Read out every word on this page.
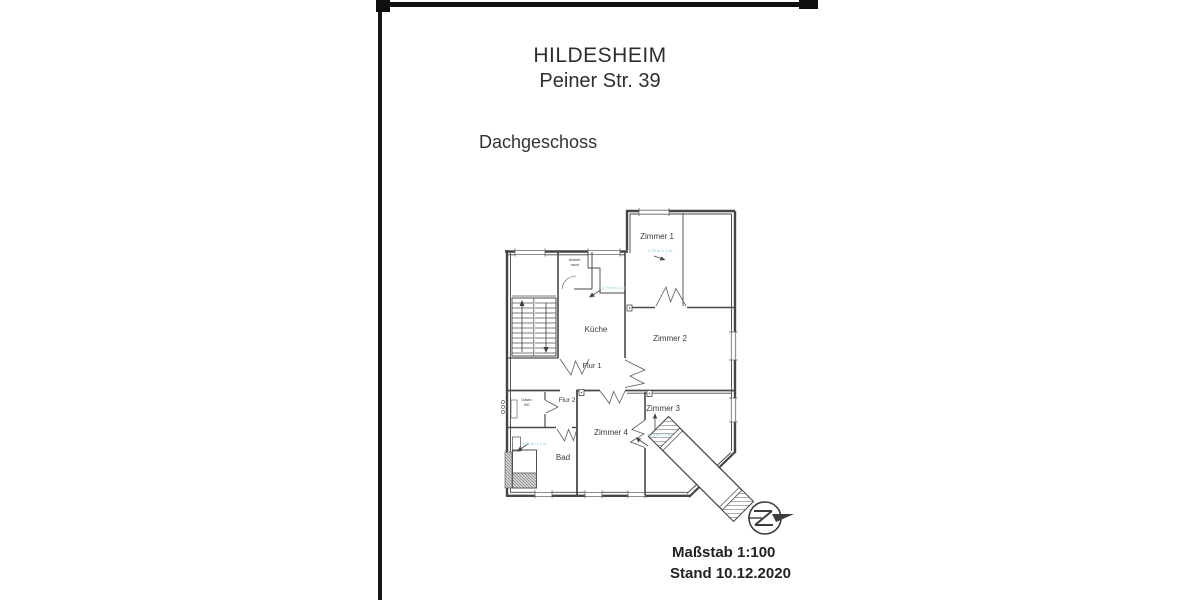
HILDESHEIM
Peiner Str. 39
Dachgeschoss
Zimmer 1
Zimmer 2
Zimmer 3
Zimmer 4
Küche
Flur 1
Flur 2
Bad
Gäste-
WC
Abstell-
raum
2,79 m ü. 1 m
2,79 m ü. 1 m
2,19 m ü. 1 m
1,38 m ü. 1 m
Maßstab 1:100
Stand 10.12.2020
